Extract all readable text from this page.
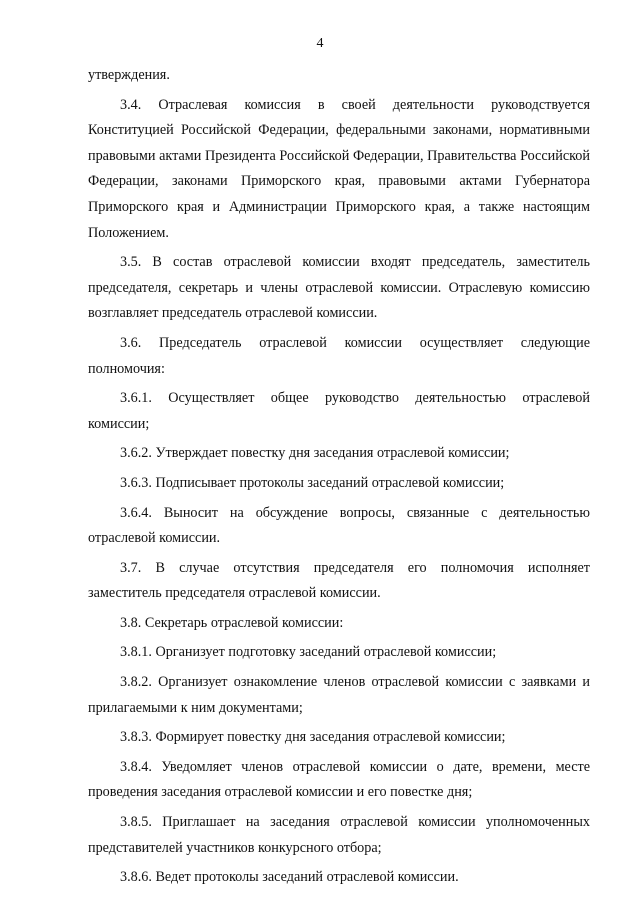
4

утверждения.

3.4. Отраслевая комиссия в своей деятельности руководствуется Конституцией Российской Федерации, федеральными законами, нормативными правовыми актами Президента Российской Федерации, Правительства Российской Федерации, законами Приморского края, правовыми актами Губернатора Приморского края и Администрации Приморского края, а также настоящим Положением.

3.5. В состав отраслевой комиссии входят председатель, заместитель председателя, секретарь и члены отраслевой комиссии. Отраслевую комиссию возглавляет председатель отраслевой комиссии.

3.6. Председатель отраслевой комиссии осуществляет следующие полномочия:

3.6.1. Осуществляет общее руководство деятельностью отраслевой комиссии;

3.6.2. Утверждает повестку дня заседания отраслевой комиссии;

3.6.3. Подписывает протоколы заседаний отраслевой комиссии;

3.6.4. Выносит на обсуждение вопросы, связанные с деятельностью отраслевой комиссии.

3.7. В случае отсутствия председателя его полномочия исполняет заместитель председателя отраслевой комиссии.

3.8. Секретарь отраслевой комиссии:

3.8.1. Организует подготовку заседаний отраслевой комиссии;

3.8.2. Организует ознакомление членов отраслевой комиссии с заявками и прилагаемыми к ним документами;

3.8.3. Формирует повестку дня заседания отраслевой комиссии;

3.8.4. Уведомляет членов отраслевой комиссии о дате, времени, месте проведения заседания отраслевой комиссии и его повестке дня;

3.8.5. Приглашает на заседания отраслевой комиссии уполномоченных представителей участников конкурсного отбора;

3.8.6. Ведет протоколы заседаний отраслевой комиссии.
